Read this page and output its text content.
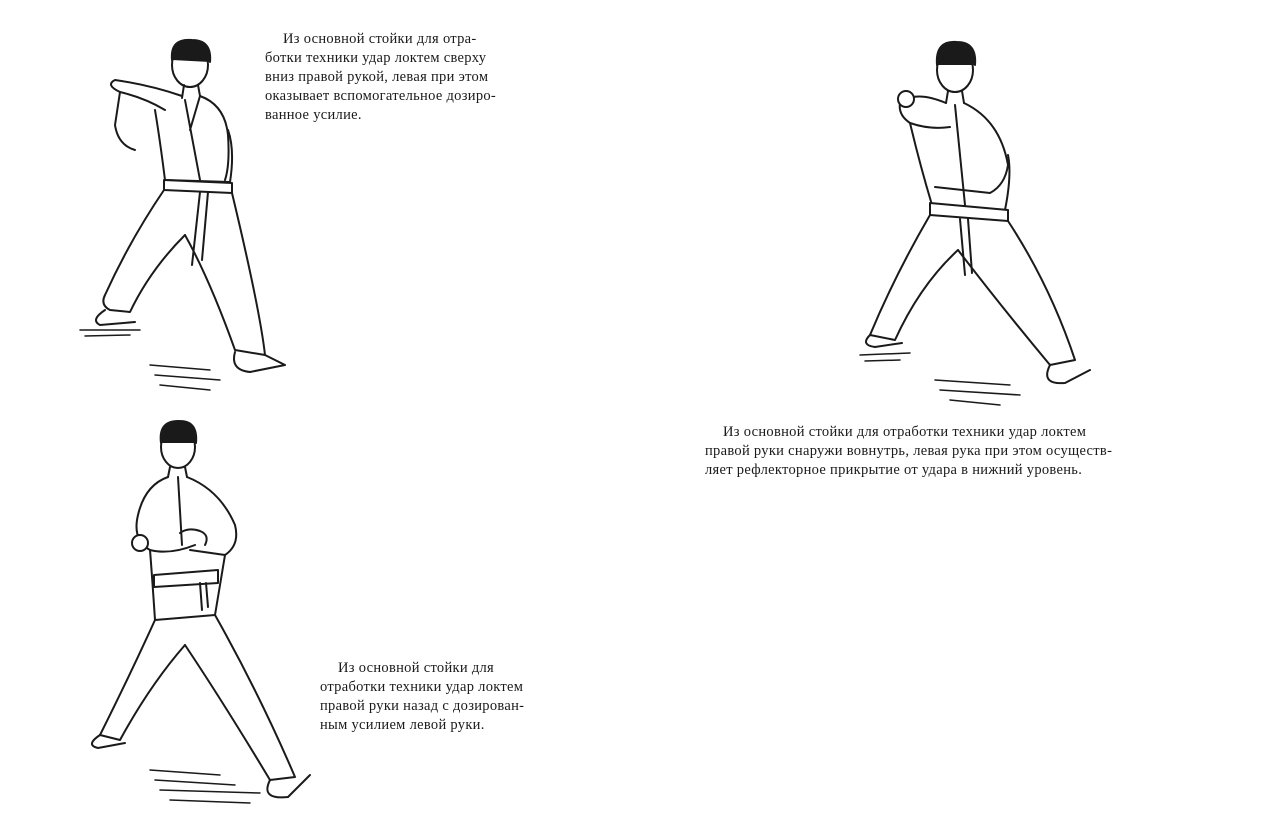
Из основной стойки для отра-
ботки техники удар локтем сверху
вниз правой рукой, левая при этом
оказывает вспомогательное дозиро-
ванное усилие.

Из основной стойки для отработки техники удар локтем
правой руки снаружи вовнутрь, левая рука при этом осуществ-
ляет рефлекторное прикрытие от удара в нижний уровень.

Из основной стойки для
отработки техники удар локтем
правой руки назад с дозирован-
ным усилием левой руки.
